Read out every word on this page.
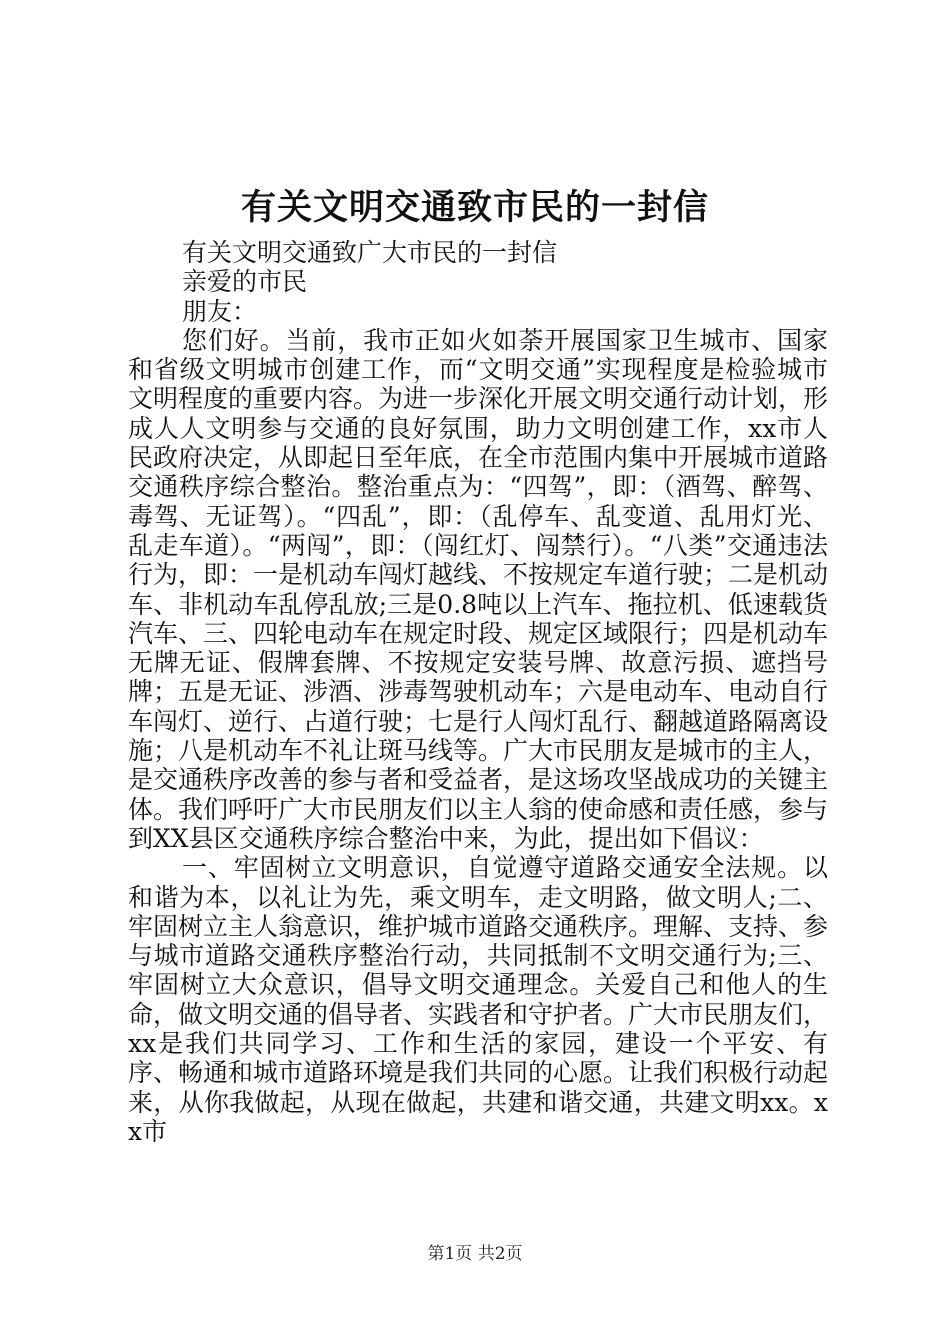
有关文明交通致市民的一封信

有关文明交通致广大市民的一封信

亲爱的市民

朋友：

您们好。当前，我市正如火如荼开展国家卫生城市、国家和省级文明城市创建工作，而“文明交通”实现程度是检验城市文明程度的重要内容。为进一步深化开展文明交通行动计划，形成人人文明参与交通的良好氛围，助力文明创建工作，xx市人民政府决定，从即起日至年底，在全市范围内集中开展城市道路交通秩序综合整治。整治重点为：“四驾”，即：（酒驾、醉驾、毒驾、无证驾）。“四乱”，即：（乱停车、乱变道、乱用灯光、乱走车道）。“两闯”，即：（闯红灯、闯禁行）。“八类”交通违法行为，即：一是机动车闯灯越线、不按规定车道行驶；二是机动车、非机动车乱停乱放;三是0.8吨以上汽车、拖拉机、低速载货汽车、三、四轮电动车在规定时段、规定区域限行；四是机动车无牌无证、假牌套牌、不按规定安装号牌、故意污损、遮挡号牌；五是无证、涉酒、涉毒驾驶机动车；六是电动车、电动自行车闯灯、逆行、占道行驶；七是行人闯灯乱行、翻越道路隔离设施；八是机动车不礼让斑马线等。广大市民朋友是城市的主人，是交通秩序改善的参与者和受益者，是这场攻坚战成功的关键主体。我们呼吁广大市民朋友们以主人翁的使命感和责任感，参与到XX县区交通秩序综合整治中来，为此，提出如下倡议：

一、牢固树立文明意识，自觉遵守道路交通安全法规。以和谐为本，以礼让为先，乘文明车，走文明路，做文明人;二、牢固树立主人翁意识，维护城市道路交通秩序。理解、支持、参与城市道路交通秩序整治行动，共同抵制不文明交通行为;三、牢固树立大众意识，倡导文明交通理念。关爱自己和他人的生命，做文明交通的倡导者、实践者和守护者。广大市民朋友们，xx是我们共同学习、工作和生活的家园，建设一个平安、有序、畅通和城市道路环境是我们共同的心愿。让我们积极行动起来，从你我做起，从现在做起，共建和谐交通，共建文明xx。xx市

第1页 共2页
